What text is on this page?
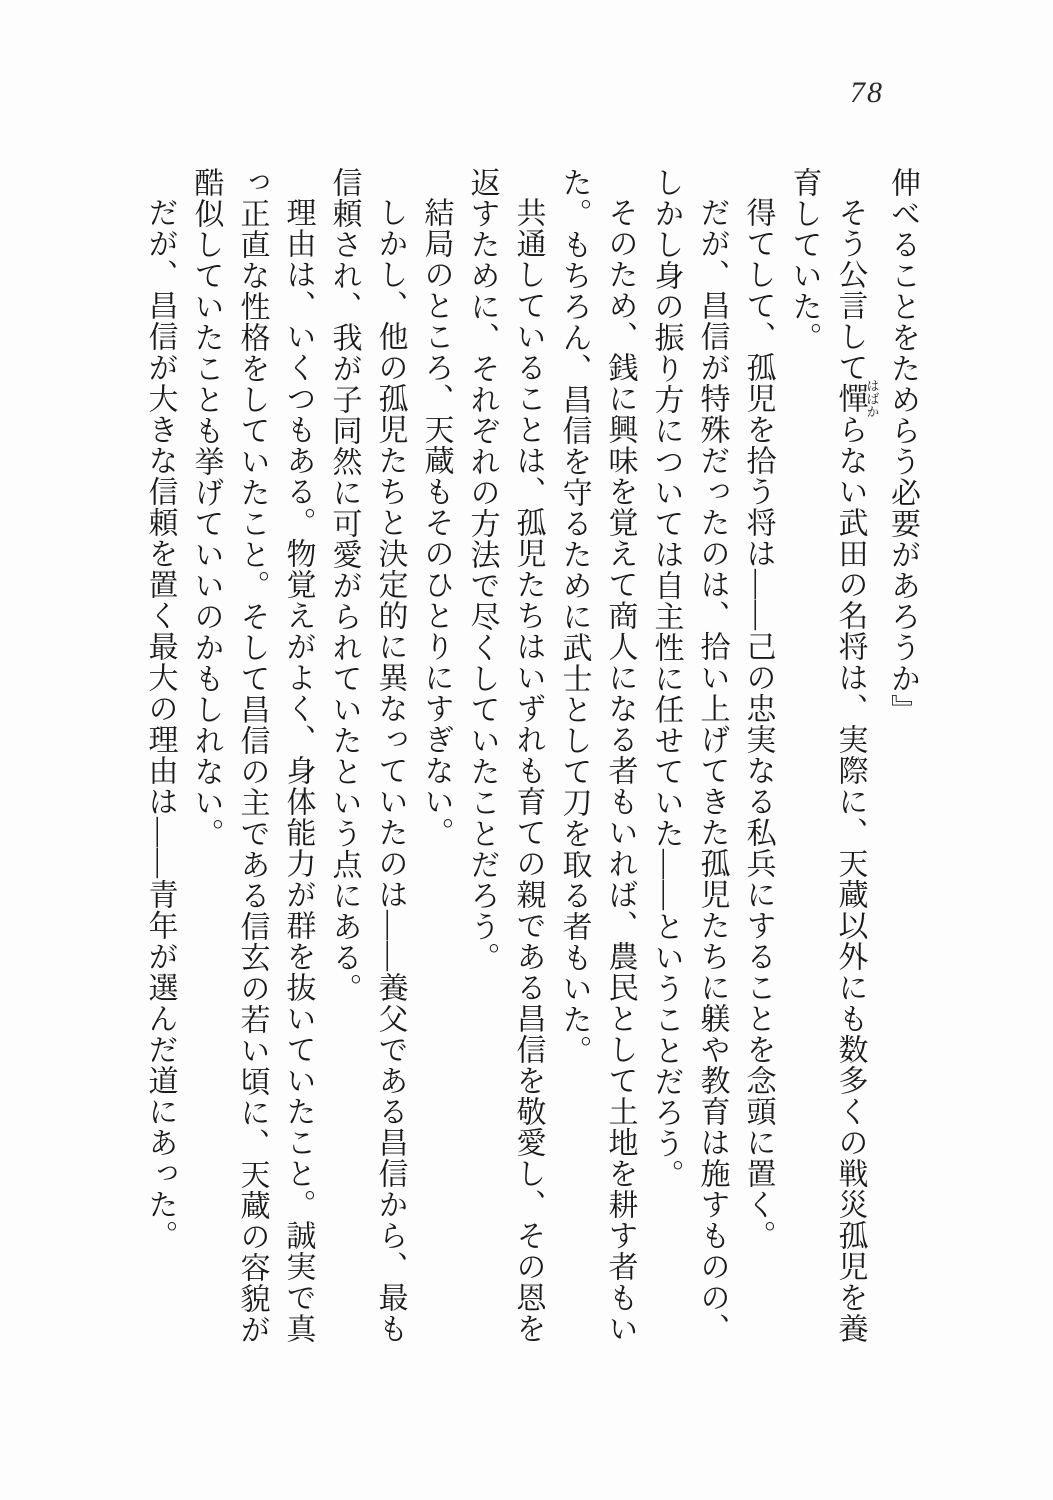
78

伸べることをためらう必要があろうか』

そう公言して憚はばからない武田の名将は、実際に、天蔵以外にも数多くの戦災孤児を養育していた。

得てして、孤児を拾う将は――己の忠実なる私兵にすることを念頭に置く。

だが、昌信が特殊だったのは、拾い上げてきた孤児たちに躾や教育は施すものの、しかし身の振り方については自主性に任せていた――ということだろう。

そのため、銭に興味を覚えて商人になる者もいれば、農民として土地を耕す者もいた。もちろん、昌信を守るために武士として刀を取る者もいた。

共通していることは、孤児たちはいずれも育ての親である昌信を敬愛し、その恩を返すために、それぞれの方法で尽くしていたことだろう。

結局のところ、天蔵もそのひとりにすぎない。

しかし、他の孤児たちと決定的に異なっていたのは――養父である昌信から、最も信頼され、我が子同然に可愛がられていたという点にある。

理由は、いくつもある。物覚えがよく、身体能力が群を抜いていたこと。誠実で真っ正直な性格をしていたこと。そして昌信の主である信玄の若い頃に、天蔵の容貌が酷似していたことも挙げていいのかもしれない。

だが、昌信が大きな信頼を置く最大の理由は――青年が選んだ道にあった。
